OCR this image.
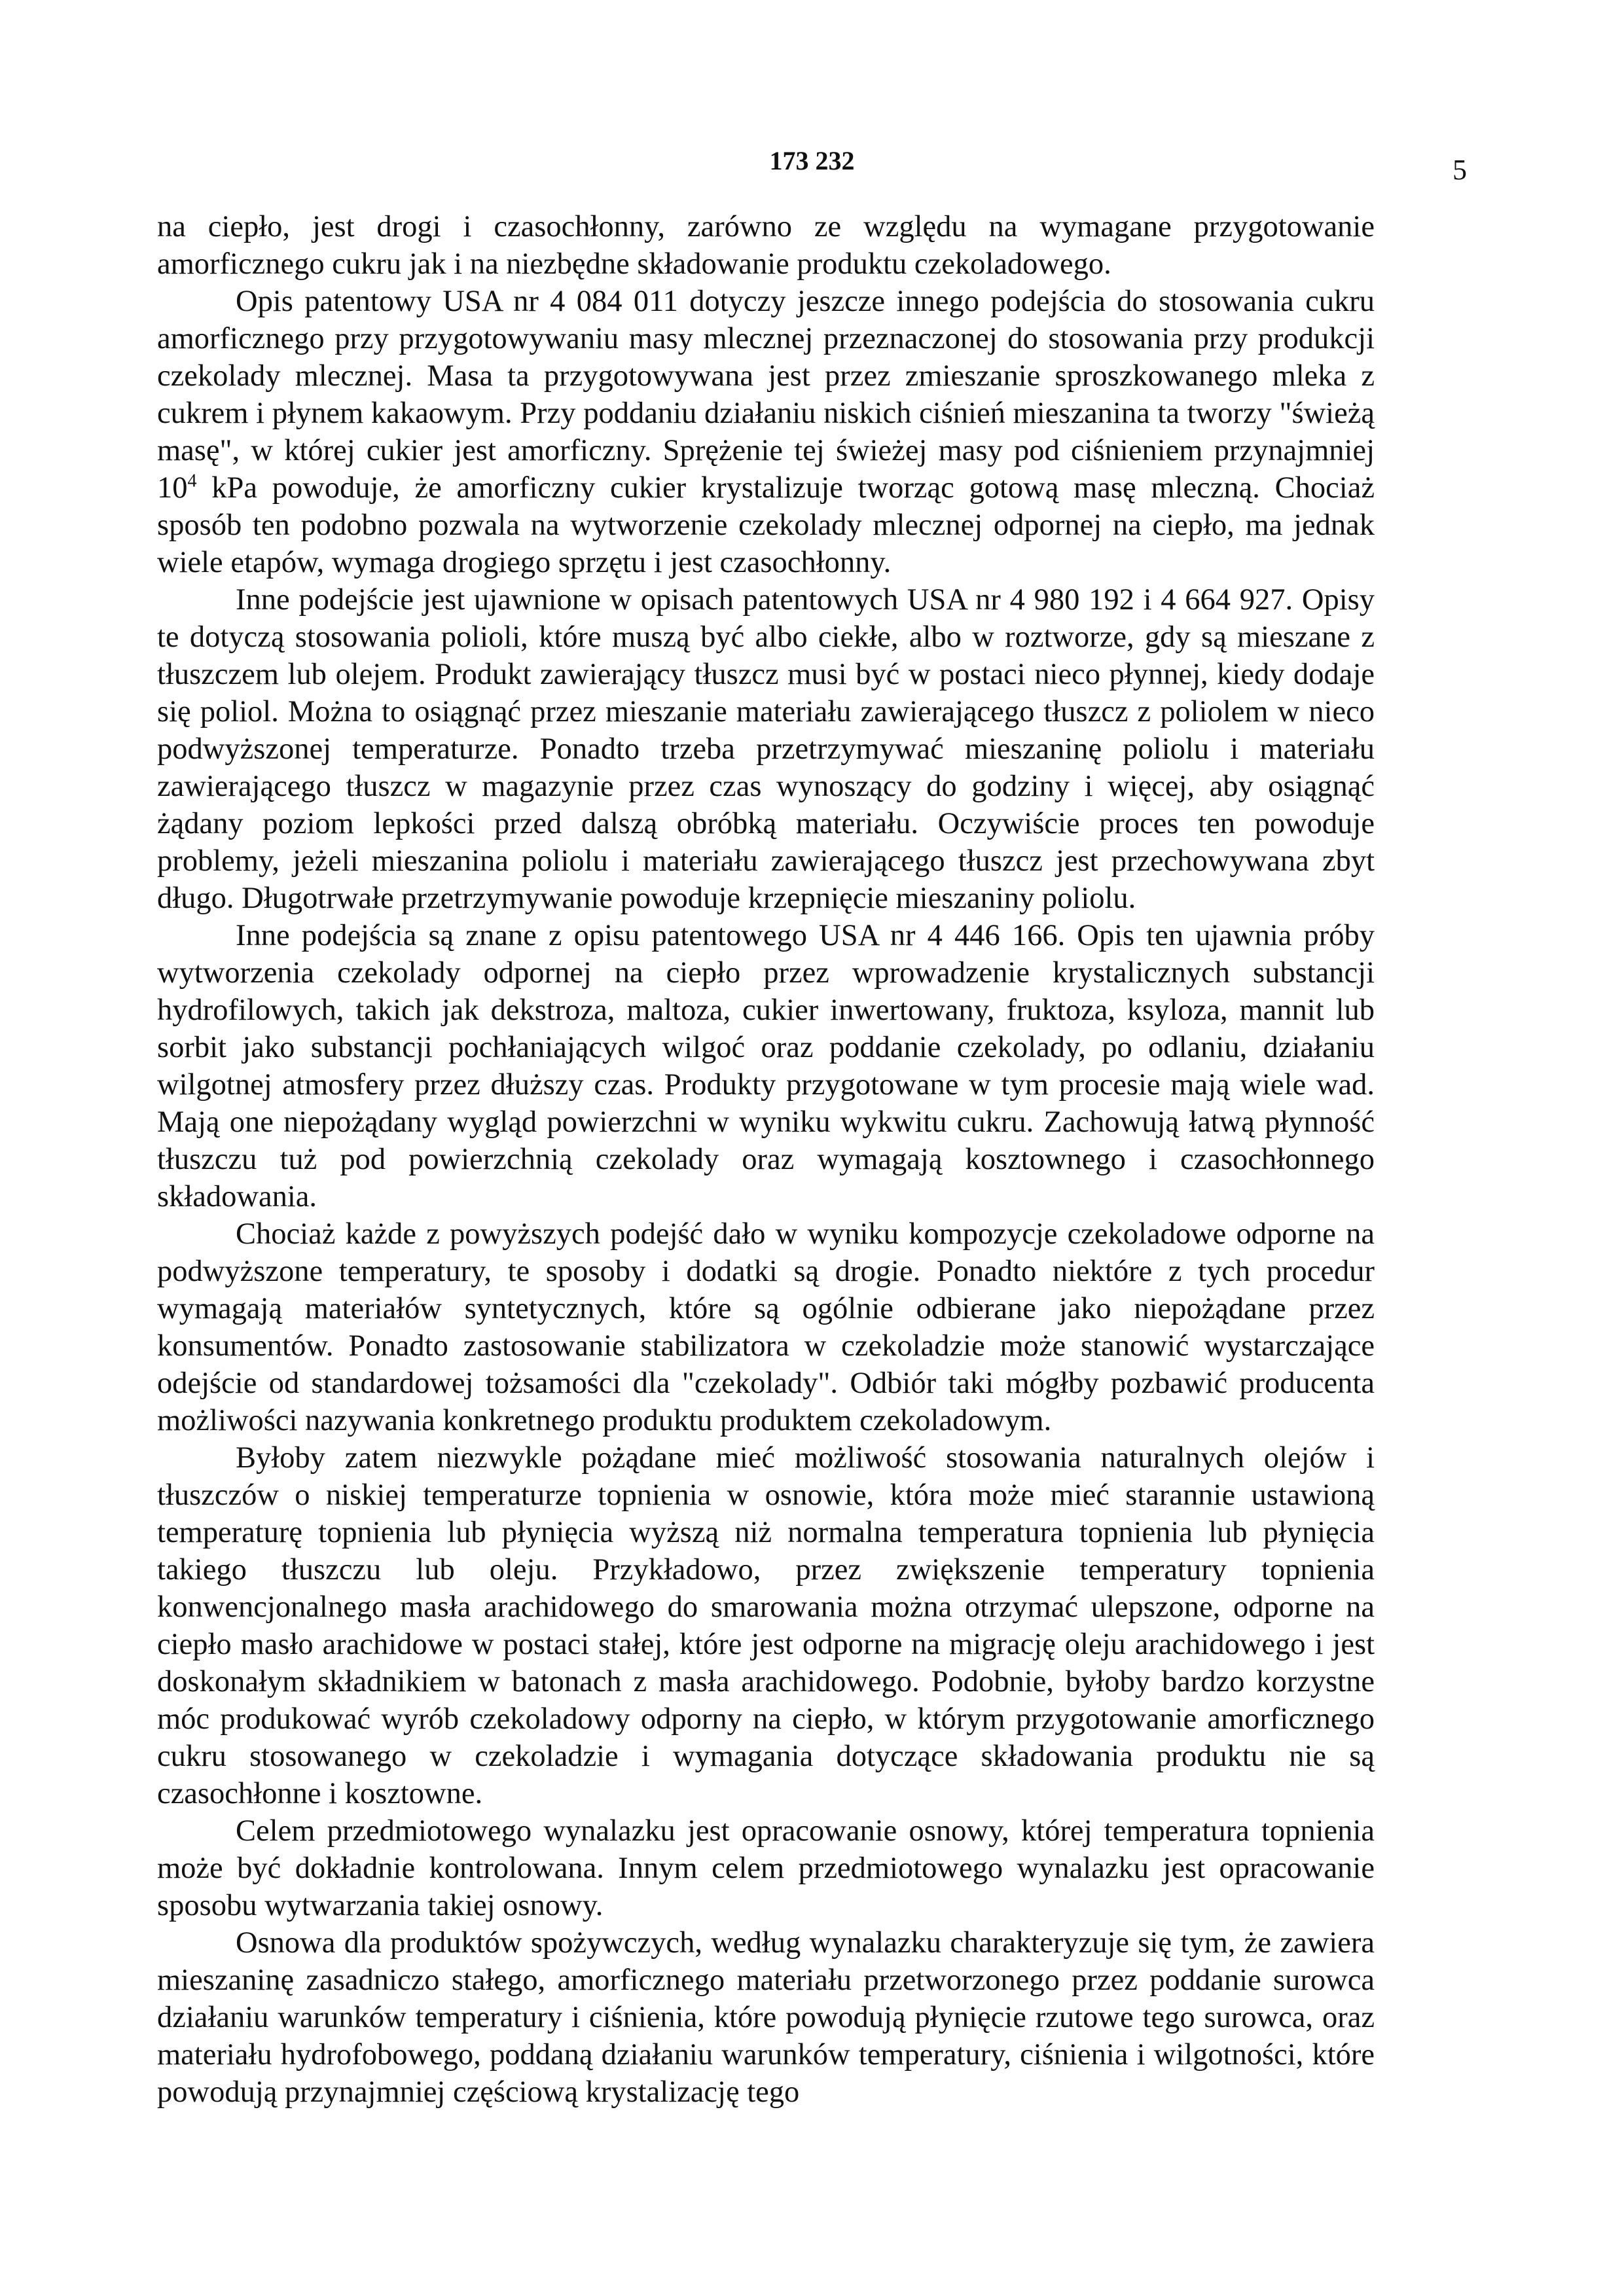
173 232	5

na ciepło, jest drogi i czasochłonny, zarówno ze względu na wymagane przygotowanie amorficznego cukru jak i na niezbędne składowanie produktu czekoladowego.

Opis patentowy USA nr 4 084 011 dotyczy jeszcze innego podejścia do stosowania cukru amorficznego przy przygotowywaniu masy mlecznej przeznaczonej do stosowania przy produkcji czekolady mlecznej. Masa ta przygotowywana jest przez zmieszanie sproszkowanego mleka z cukrem i płynem kakaowym. Przy poddaniu działaniu niskich ciśnień mieszanina ta tworzy "świeżą masę", w której cukier jest amorficzny. Sprężenie tej świeżej masy pod ciśnieniem przynajmniej $10^4$ kPa powoduje, że amorficzny cukier krystalizuje tworząc gotową masę mleczną. Chociaż sposób ten podobno pozwala na wytworzenie czekolady mlecznej odpornej na ciepło, ma jednak wiele etapów, wymaga drogiego sprzętu i jest czasochłonny.

Inne podejście jest ujawnione w opisach patentowych USA nr 4 980 192 i 4 664 927. Opisy te dotyczą stosowania polioli, które muszą być albo ciekłe, albo w roztworze, gdy są mieszane z tłuszczem lub olejem. Produkt zawierający tłuszcz musi być w postaci nieco płynnej, kiedy dodaje się poliol. Można to osiągnąć przez mieszanie materiału zawierającego tłuszcz z poliolem w nieco podwyższonej temperaturze. Ponadto trzeba przetrzymywać mieszaninę poliolu i materiału zawierającego tłuszcz w magazynie przez czas wynoszący do godziny i więcej, aby osiągnąć żądany poziom lepkości przed dalszą obróbką materiału. Oczywiście proces ten powoduje problemy, jeżeli mieszanina poliolu i materiału zawierającego tłuszcz jest przechowywana zbyt długo. Długotrwałe przetrzymywanie powoduje krzepnięcie mieszaniny poliolu.

Inne podejścia są znane z opisu patentowego USA nr 4 446 166. Opis ten ujawnia próby wytworzenia czekolady odpornej na ciepło przez wprowadzenie krystalicznych substancji hydrofilowych, takich jak dekstroza, maltoza, cukier inwertowany, fruktoza, ksyloza, mannit lub sorbit jako substancji pochłaniających wilgoć oraz poddanie czekolady, po odlaniu, działaniu wilgotnej atmosfery przez dłuższy czas. Produkty przygotowane w tym procesie mają wiele wad. Mają one niepożądany wygląd powierzchni w wyniku wykwitu cukru. Zachowują łatwą płynność tłuszczu tuż pod powierzchnią czekolady oraz wymagają kosztownego i czasochłonnego składowania.

Chociaż każde z powyższych podejść dało w wyniku kompozycje czekoladowe odporne na podwyższone temperatury, te sposoby i dodatki są drogie. Ponadto niektóre z tych procedur wymagają materiałów syntetycznych, które są ogólnie odbierane jako niepożądane przez konsumentów. Ponadto zastosowanie stabilizatora w czekoladzie może stanowić wystarczające odejście od standardowej tożsamości dla "czekolady". Odbiór taki mógłby pozbawić producenta możliwości nazywania konkretnego produktu produktem czekoladowym.

Byłoby zatem niezwykle pożądane mieć możliwość stosowania naturalnych olejów i tłuszczów o niskiej temperaturze topnienia w osnowie, która może mieć starannie ustawioną temperaturę topnienia lub płynięcia wyższą niż normalna temperatura topnienia lub płynięcia takiego tłuszczu lub oleju. Przykładowo, przez zwiększenie temperatury topnienia konwencjonalnego masła arachidowego do smarowania można otrzymać ulepszone, odporne na ciepło masło arachidowe w postaci stałej, które jest odporne na migrację oleju arachidowego i jest doskonałym składnikiem w batonach z masła arachidowego. Podobnie, byłoby bardzo korzystne móc produkować wyrób czekoladowy odporny na ciepło, w którym przygotowanie amorficznego cukru stosowanego w czekoladzie i wymagania dotyczące składowania produktu nie są czasochłonne i kosztowne.

Celem przedmiotowego wynalazku jest opracowanie osnowy, której temperatura topnienia może być dokładnie kontrolowana. Innym celem przedmiotowego wynalazku jest opracowanie sposobu wytwarzania takiej osnowy.

Osnowa dla produktów spożywczych, według wynalazku charakteryzuje się tym, że zawiera mieszaninę zasadniczo stałego, amorficznego materiału przetworzonego przez poddanie surowca działaniu warunków temperatury i ciśnienia, które powodują płynięcie rzutowe tego surowca, oraz materiału hydrofobowego, poddaną działaniu warunków temperatury, ciśnienia i wilgotności, które powodują przynajmniej częściową krystalizację tego
